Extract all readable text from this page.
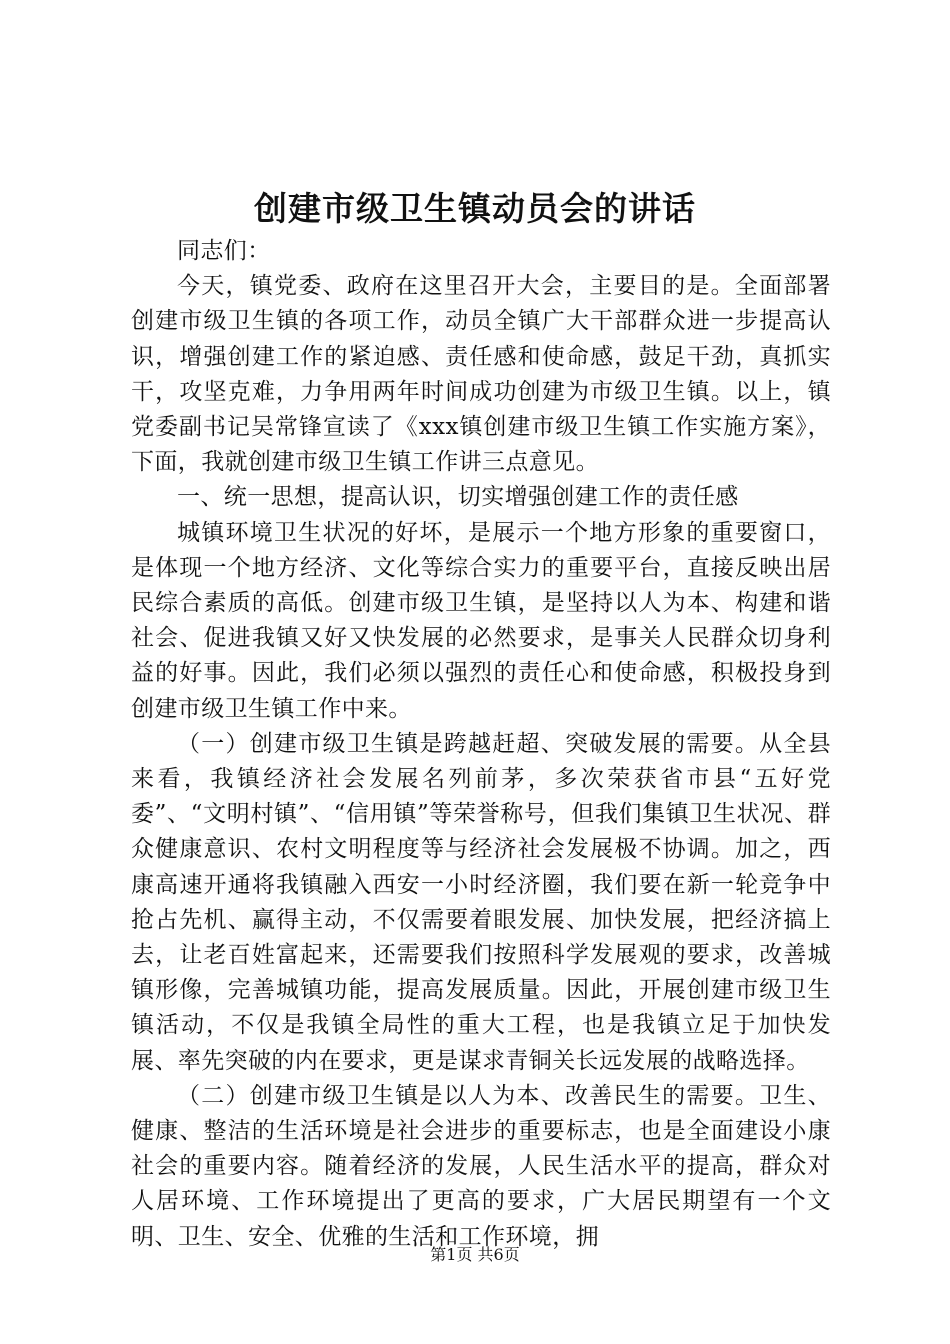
创建市级卫生镇动员会的讲话

同志们：

今天，镇党委、政府在这里召开大会，主要目的是。全面部署创建市级卫生镇的各项工作，动员全镇广大干部群众进一步提高认识，增强创建工作的紧迫感、责任感和使命感，鼓足干劲，真抓实干，攻坚克难，力争用两年时间成功创建为市级卫生镇。以上，镇党委副书记吴常锋宣读了《xxx镇创建市级卫生镇工作实施方案》，下面，我就创建市级卫生镇工作讲三点意见。

一、统一思想，提高认识，切实增强创建工作的责任感

城镇环境卫生状况的好坏，是展示一个地方形象的重要窗口，是体现一个地方经济、文化等综合实力的重要平台，直接反映出居民综合素质的高低。创建市级卫生镇，是坚持以人为本、构建和谐社会、促进我镇又好又快发展的必然要求，是事关人民群众切身利益的好事。因此，我们必须以强烈的责任心和使命感，积极投身到创建市级卫生镇工作中来。

（一）创建市级卫生镇是跨越赶超、突破发展的需要。从全县来看，我镇经济社会发展名列前茅，多次荣获省市县“五好党委”、“文明村镇”、“信用镇”等荣誉称号，但我们集镇卫生状况、群众健康意识、农村文明程度等与经济社会发展极不协调。加之，西康高速开通将我镇融入西安一小时经济圈，我们要在新一轮竞争中抢占先机、赢得主动，不仅需要着眼发展、加快发展，把经济搞上去，让老百姓富起来，还需要我们按照科学发展观的要求，改善城镇形像，完善城镇功能，提高发展质量。因此，开展创建市级卫生镇活动，不仅是我镇全局性的重大工程，也是我镇立足于加快发展、率先突破的内在要求，更是谋求青铜关长远发展的战略选择。

（二）创建市级卫生镇是以人为本、改善民生的需要。卫生、健康、整洁的生活环境是社会进步的重要标志，也是全面建设小康社会的重要内容。随着经济的发展，人民生活水平的提高，群众对人居环境、工作环境提出了更高的要求，广大居民期望有一个文明、卫生、安全、优雅的生活和工作环境，拥

第1页 共6页
